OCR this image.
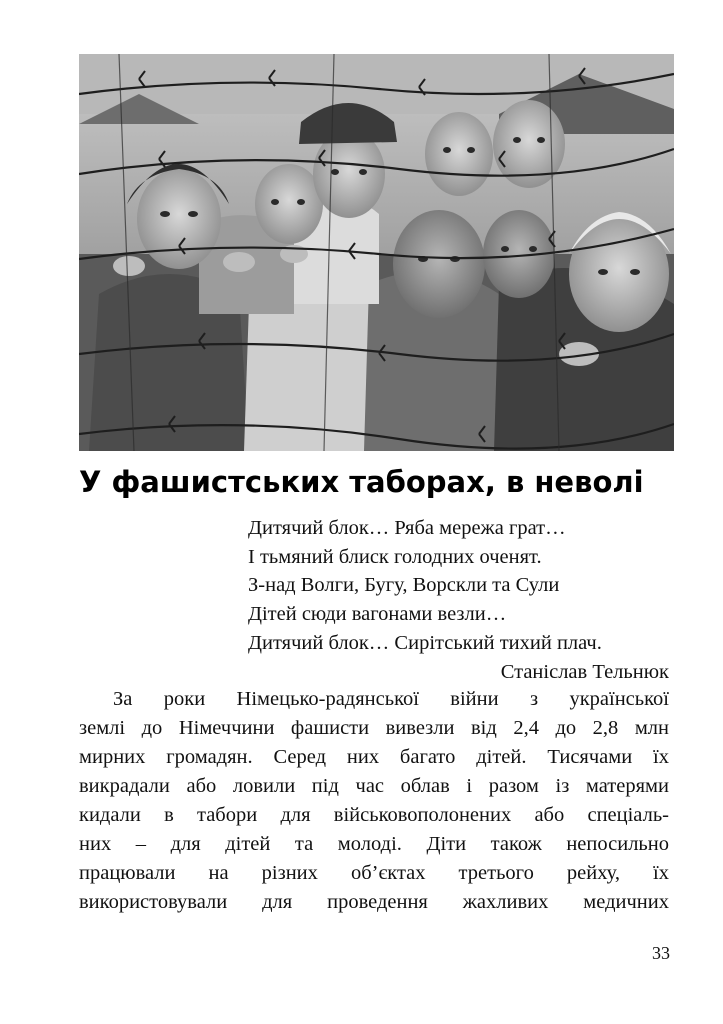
У фашистських таборах, в неволі
Дитячий блок… Ряба мережа грат…
І тьмяний блиск голодних оченят.
З-над Волги, Бугу, Ворскли та Сули
Дітей сюди вагонами везли…
Дитячий блок… Сирітський тихий плач.
Станіслав Тельнюк
За роки Німецько-радянської війни з української
землі до Німеччини фашисти вивезли від 2,4 до 2,8 млн
мирних громадян. Серед них багато дітей. Тисячами їх
викрадали або ловили під час облав і разом із матерями
кидали в табори для військовополонених або спеціаль-
них – для дітей та молоді. Діти також непосильно
працювали на різних об’єктах третього рейху, їх
використовували для проведення жахливих медичних
33
